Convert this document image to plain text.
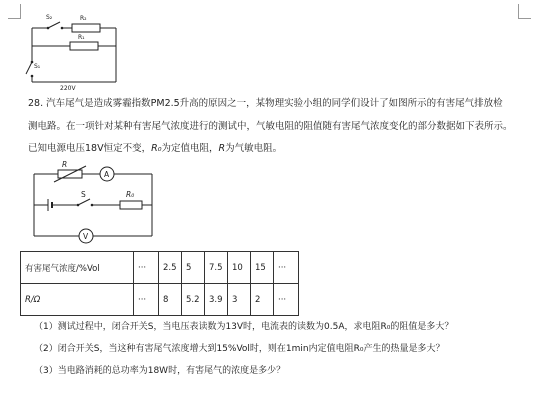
S₂	R₂
R₁
S₁
220V
28. 汽车尾气是造成雾霾指数PM2.5升高的原因之一，某物理实验小组的同学们设计了如图所示的有害尾气排放检
测电路。在一项针对某种有害尾气浓度进行的测试中，气敏电阻的阻值随有害尾气浓度变化的部分数据如下表所示。
已知电源电压18V恒定不变，R₀为定值电阻，R为气敏电阻。
R
A
S	R₀
V
有害尾气浓度/%Vol	···	2.5	5	7.5	10	15	···
R/Ω	···	8	5.2	3.9	3	2	···
（1）测试过程中，闭合开关S，当电压表读数为13V时，电流表的读数为0.5A，求电阻R₀的阻值是多大？
（2）闭合开关S，当这种有害尾气浓度增大到15%Vol时，则在1min内定值电阻R₀产生的热量是多大？
（3）当电路消耗的总功率为18W时，有害尾气的浓度是多少？
